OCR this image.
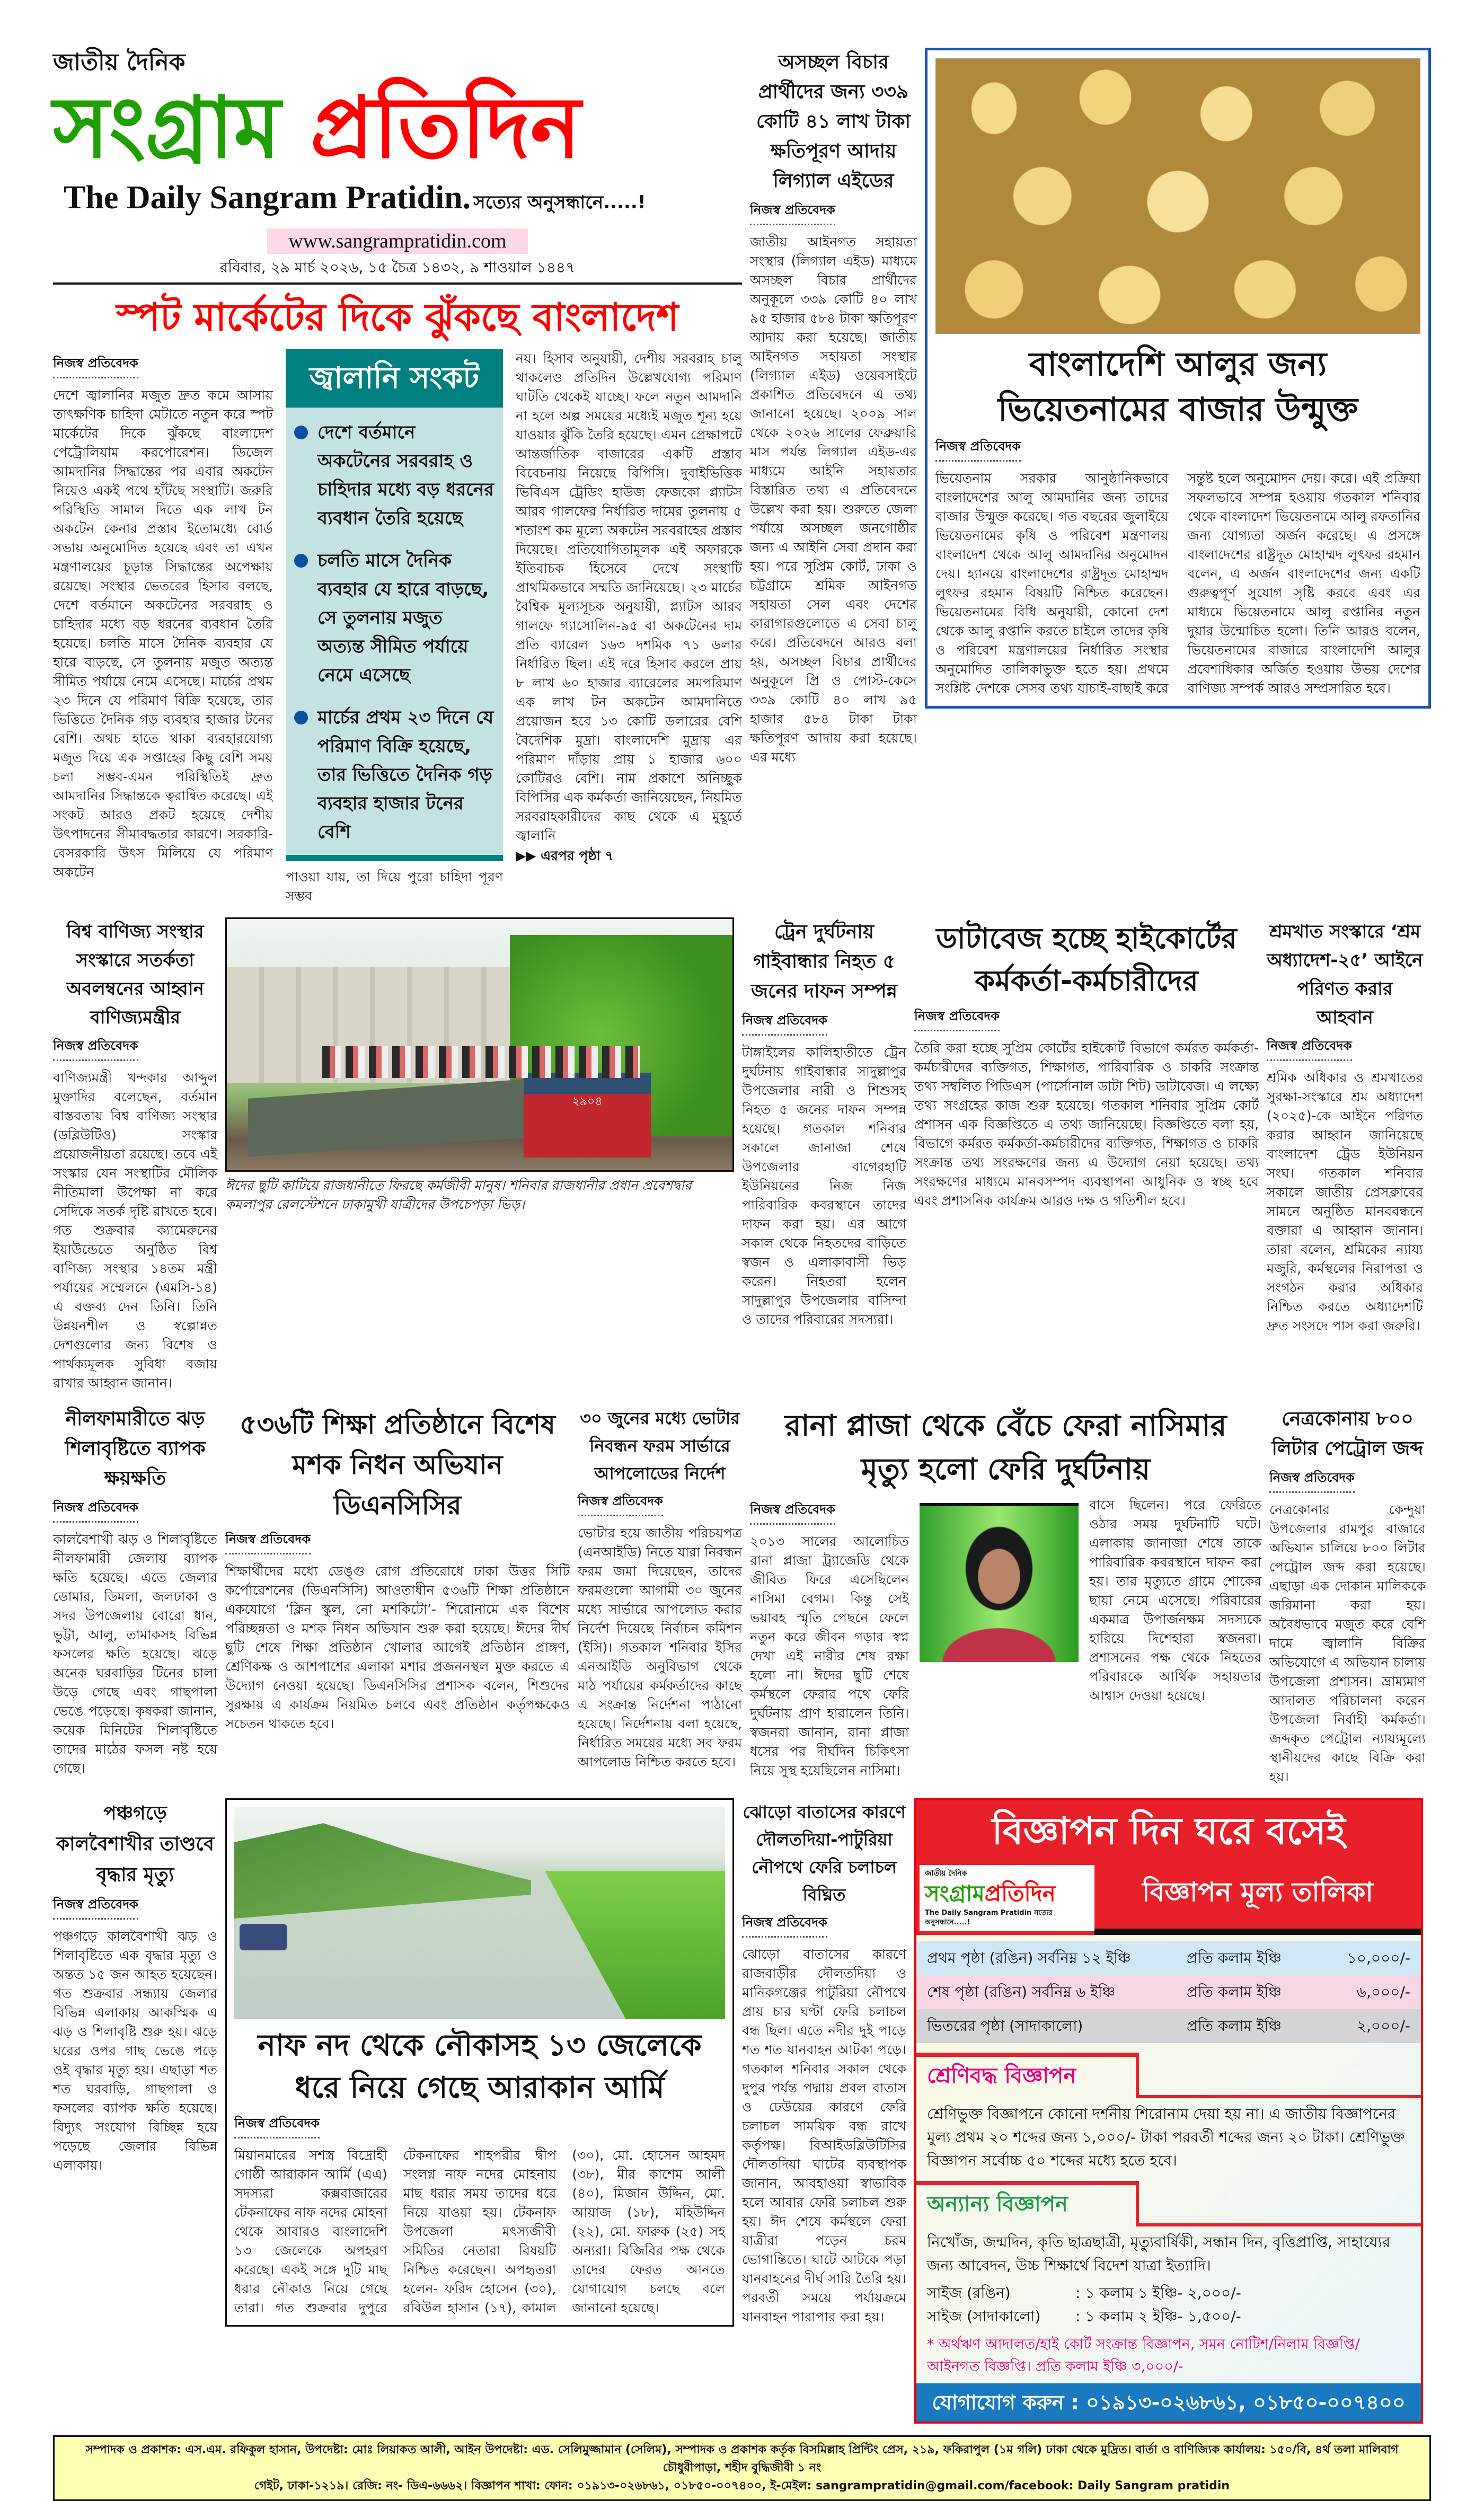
জাতীয় দৈনিক
সংগ্রাম প্রতিদিন
The Daily Sangram Pratidin. সত্যের অনুসন্ধানে.....!
www.sangrampratidin.com
রবিবার, ২৯ মার্চ ২০২৬, ১৫ চৈত্র ১৪৩২, ৯ শাওয়াল ১৪৪৭
স্পট মার্কেটের দিকে ঝুঁকছে বাংলাদেশ
নিজস্ব প্রতিবেদক
দেশে জ্বালানির মজুত দ্রুত কমে আসায় তাৎক্ষণিক চাহিদা মেটাতে নতুন করে স্পট মার্কেটের দিকে ঝুঁকছে বাংলাদেশ পেট্রোলিয়াম করপোরেশন। ডিজেল আমদানির সিদ্ধান্তের পর এবার অকটেন নিয়েও একই পথে হাঁটছে সংস্থাটি। জরুরি পরিস্থিতি সামাল দিতে এক লাখ টন অকটেন কেনার প্রস্তাব ইতোমধ্যে বোর্ড সভায় অনুমোদিত হয়েছে এবং তা এখন মন্ত্রণালয়ের চূড়ান্ত সিদ্ধান্তের অপেক্ষায় রয়েছে। সংস্থার ভেতরের হিসাব বলছে, দেশে বর্তমানে অকটেনের সরবরাহ ও চাহিদার মধ্যে বড় ধরনের ব্যবধান তৈরি হয়েছে। চলতি মাসে দৈনিক ব্যবহার যে হারে বাড়ছে, সে তুলনায় মজুত অত্যন্ত সীমিত পর্যায়ে নেমে এসেছে। মার্চের প্রথম ২৩ দিনে যে পরিমাণ বিক্রি হয়েছে, তার ভিত্তিতে দৈনিক গড় ব্যবহার হাজার টনের বেশি। অথচ হাতে থাকা ব্যবহারযোগ্য মজুত দিয়ে এক সপ্তাহের কিছু বেশি সময় চলা সম্ভব-এমন পরিস্থিতিই দ্রুত আমদানির সিদ্ধান্তকে ত্বরান্বিত করেছে। এই সংকট আরও প্রকট হয়েছে দেশীয় উৎপাদনের সীমাবদ্ধতার কারণে। সরকারি-বেসরকারি উৎস মিলিয়ে যে পরিমাণ অকটেন
জ্বালানি সংকট
দেশে বর্তমানে অকটেনের সরবরাহ ও চাহিদার মধ্যে বড় ধরনের ব্যবধান তৈরি হয়েছে
চলতি মাসে দৈনিক ব্যবহার যে হারে বাড়ছে, সে তুলনায় মজুত অত্যন্ত সীমিত পর্যায়ে নেমে এসেছে
মার্চের প্রথম ২৩ দিনে যে পরিমাণ বিক্রি হয়েছে, তার ভিত্তিতে দৈনিক গড় ব্যবহার হাজার টনের বেশি
পাওয়া যায়, তা দিয়ে পুরো চাহিদা পূরণ সম্ভব
নয়। হিসাব অনুযায়ী, দেশীয় সরবরাহ চালু থাকলেও প্রতিদিন উল্লেখযোগ্য পরিমাণ ঘাটতি থেকেই যাচ্ছে। ফলে নতুন আমদানি না হলে অল্প সময়ের মধ্যেই মজুত শূন্য হয়ে যাওয়ার ঝুঁকি তৈরি হয়েছে। এমন প্রেক্ষাপটে আন্তর্জাতিক বাজারের একটি প্রস্তাব বিবেচনায় নিয়েছে বিপিসি। দুবাইভিত্তিক ভিবিএস ট্রেডিং হাউজ ফেজকো প্ল্যাটস আরব গালফের নির্ধারিত দামের তুলনায় ৫ শতাংশ কম মূল্যে অকটেন সরবরাহের প্রস্তাব দিয়েছে। প্রতিযোগিতামূলক এই অফারকে ইতিবাচক হিসেবে দেখে সংস্থাটি প্রাথমিকভাবে সম্মতি জানিয়েছে। ২৩ মার্চের বৈশ্বিক মূল্যসূচক অনুযায়ী, প্ল্যাটস আরব গালফে গ্যাসোলিন-৯৫ বা অকটেনের দাম প্রতি ব্যারেল ১৬৩ দশমিক ৭১ ডলার নির্ধারিত ছিল। এই দরে হিসাব করলে প্রায় ৮ লাখ ৬০ হাজার ব্যারেলের সমপরিমাণ এক লাখ টন অকটেন আমদানিতে প্রয়োজন হবে ১৩ কোটি ডলারের বেশি বৈদেশিক মুদ্রা। বাংলাদেশি মুদ্রায় এর পরিমাণ দাঁড়ায় প্রায় ১ হাজার ৬০০ কোটিরও বেশি। নাম প্রকাশে অনিচ্ছুক বিপিসির এক কর্মকর্তা জানিয়েছেন, নিয়মিত সরবরাহকারীদের কাছ থেকে এ মুহূর্তে জ্বালানি
▶▶ এরপর পৃষ্ঠা ৭
অসচ্ছল বিচার প্রার্থীদের জন্য ৩৩৯ কোটি ৪১ লাখ টাকা ক্ষতিপূরণ আদায় লিগ্যাল এইডের
নিজস্ব প্রতিবেদক
জাতীয় আইনগত সহায়তা সংস্থার (লিগ্যাল এইড) মাধ্যমে অসচ্ছল বিচার প্রার্থীদের অনুকূলে ৩৩৯ কোটি ৪০ লাখ ৯৫ হাজার ৫৮৪ টাকা ক্ষতিপূরণ আদায় করা হয়েছে। জাতীয় আইনগত সহায়তা সংস্থার (লিগ্যাল এইড) ওয়েবসাইটে প্রকাশিত প্রতিবেদনে এ তথ্য জানানো হয়েছে। ২০০৯ সাল থেকে ২০২৬ সালের ফেব্রুয়ারি মাস পর্যন্ত লিগ্যাল এইড-এর মাধ্যমে আইনি সহায়তার বিস্তারিত তথ্য এ প্রতিবেদনে উল্লেখ করা হয়। শুরুতে জেলা পর্যায়ে অসচ্ছল জনগোষ্ঠীর জন্য এ আইনি সেবা প্রদান করা হয়। পরে সুপ্রিম কোর্ট, ঢাকা ও চট্টগ্রামে শ্রমিক আইনগত সহায়তা সেল এবং দেশের কারাগারগুলোতে এ সেবা চালু করে। প্রতিবেদনে আরও বলা হয়, অসচ্ছল বিচার প্রার্থীদের অনুকূলে প্রি ও পোস্ট-কেসে ৩৩৯ কোটি ৪০ লাখ ৯৫ হাজার ৫৮৪ টাকা টাকা ক্ষতিপূরণ আদায় করা হয়েছে। এর মধ্যে
বাংলাদেশি আলুর জন্য
ভিয়েতনামের বাজার উন্মুক্ত
নিজস্ব প্রতিবেদক
ভিয়েতনাম সরকার আনুষ্ঠানিকভাবে বাংলাদেশের আলু আমদানির জন্য তাদের বাজার উন্মুক্ত করেছে। গত বছরের জুলাইয়ে ভিয়েতনামের কৃষি ও পরিবেশ মন্ত্রণালয় বাংলাদেশ থেকে আলু আমদানির অনুমোদন দেয়। হ্যানয়ে বাংলাদেশের রাষ্ট্রদূত মোহাম্মদ লুৎফর রহমান বিষয়টি নিশ্চিত করেছেন। ভিয়েতনামের বিধি অনুযায়ী, কোনো দেশ থেকে আলু রপ্তানি করতে চাইলে তাদের কৃষি ও পরিবেশ মন্ত্রণালয়ের নির্ধারিত সংস্থার অনুমোদিত তালিকাভুক্ত হতে হয়। প্রথমে সংশ্লিষ্ট দেশকে সেসব তথ্য যাচাই-বাছাই করে সন্তুষ্ট হলে অনুমোদন দেয়। করে। এই প্রক্রিয়া সফলভাবে সম্পন্ন হওয়ায় গতকাল শনিবার থেকে বাংলাদেশ ভিয়েতনামে আলু রফতানির জন্য যোগ্যতা অর্জন করেছে। এ প্রসঙ্গে বাংলাদেশের রাষ্ট্রদূত মোহাম্মদ লুৎফর রহমান বলেন, এ অর্জন বাংলাদেশের জন্য একটি গুরুত্বপূর্ণ সুযোগ সৃষ্টি করবে এবং এর মাধ্যমে ভিয়েতনামে আলু রপ্তানির নতুন দুয়ার উন্মোচিত হলো। তিনি আরও বলেন, ভিয়েতনামের বাজারে বাংলাদেশি আলুর প্রবেশাধিকার অর্জিত হওয়ায় উভয় দেশের বাণিজ্য সম্পর্ক আরও সম্প্রসারিত হবে।
বিশ্ব বাণিজ্য সংস্থার সংস্কারে সতর্কতা অবলম্বনের আহ্বান বাণিজ্যমন্ত্রীর
নিজস্ব প্রতিবেদক
বাণিজ্যমন্ত্রী খন্দকার আব্দুল মুক্তাদির বলেছেন, বর্তমান বাস্তবতায় বিশ্ব বাণিজ্য সংস্থার (ডব্লিউটিও) সংস্কার প্রয়োজনীয়তা রয়েছে। তবে এই সংস্কার যেন সংস্থাটির মৌলিক নীতিমালা উপেক্ষা না করে সেদিকে সতর্ক দৃষ্টি রাখতে হবে। গত শুক্রবার ক্যামেরুনের ইয়াউন্ডেতে অনুষ্ঠিত বিশ্ব বাণিজ্য সংস্থার ১৪তম মন্ত্রী পর্যায়ের সম্মেলনে (এমসি-১৪) এ বক্তব্য দেন তিনি। তিনি উন্নয়নশীল ও স্বল্পোন্নত দেশগুলোর জন্য বিশেষ ও পার্থক্যমূলক সুবিধা বজায় রাখার আহ্বান জানান।
২৯০৪
ঈদের ছুটি কাটিয়ে রাজধানীতে ফিরছে কর্মজীবী মানুষ। শনিবার রাজধানীর প্রধান প্রবেশদ্বার কমলাপুর রেলস্টেশনে ঢাকামুখী যাত্রীদের উপচেপড়া ভিড়।
ট্রেন দুর্ঘটনায় গাইবান্ধার নিহত ৫ জনের দাফন সম্পন্ন
নিজস্ব প্রতিবেদক
টাঙ্গাইলের কালিহাতীতে ট্রেন দুর্ঘটনায় গাইবান্ধার সাদুল্লাপুর উপজেলার নারী ও শিশুসহ নিহত ৫ জনের দাফন সম্পন্ন হয়েছে। গতকাল শনিবার সকালে জানাজা শেষে উপজেলার বাগেরহাটি ইউনিয়নের নিজ নিজ পারিবারিক কবরস্থানে তাদের দাফন করা হয়। এর আগে সকাল থেকে নিহতদের বাড়িতে স্বজন ও এলাকাবাসী ভিড় করেন। নিহতরা হলেন সাদুল্লাপুর উপজেলার বাসিন্দা ও তাদের পরিবারের সদস্যরা।
ডাটাবেজ হচ্ছে হাইকোর্টের কর্মকর্তা-কর্মচারীদের
নিজস্ব প্রতিবেদক
তৈরি করা হচ্ছে সুপ্রিম কোর্টের হাইকোর্ট বিভাগে কর্মরত কর্মকর্তা-কর্মচারীদের ব্যক্তিগত, শিক্ষাগত, পারিবারিক ও চাকরি সংক্রান্ত তথ্য সম্বলিত পিডিএস (পার্সোনাল ডাটা শিট) ডাটাবেজ। এ লক্ষ্যে তথ্য সংগ্রহের কাজ শুরু হয়েছে। গতকাল শনিবার সুপ্রিম কোর্ট প্রশাসন এক বিজ্ঞপ্তিতে এ তথ্য জানিয়েছে। বিজ্ঞপ্তিতে বলা হয়, বিভাগে কর্মরত কর্মকর্তা-কর্মচারীদের ব্যক্তিগত, শিক্ষাগত ও চাকরি সংক্রান্ত তথ্য সংরক্ষণের জন্য এ উদ্যোগ নেয়া হয়েছে। তথ্য সংরক্ষণের মাধ্যমে মানবসম্পদ ব্যবস্থাপনা আধুনিক ও স্বচ্ছ হবে এবং প্রশাসনিক কার্যক্রম আরও দক্ষ ও গতিশীল হবে।
শ্রমখাত সংস্কারে ‘শ্রম অধ্যাদেশ-২৫’ আইনে পরিণত করার আহবান
নিজস্ব প্রতিবেদক
শ্রমিক অধিকার ও শ্রমখাতের সুরক্ষা-সংস্কারে শ্রম অধ্যাদেশ (২০২৫)-কে আইনে পরিণত করার আহ্বান জানিয়েছে বাংলাদেশ ট্রেড ইউনিয়ন সংঘ। গতকাল শনিবার সকালে জাতীয় প্রেসক্লাবের সামনে অনুষ্ঠিত মানববন্ধনে বক্তারা এ আহ্বান জানান। তারা বলেন, শ্রমিকের ন্যায্য মজুরি, কর্মস্থলের নিরাপত্তা ও সংগঠন করার অধিকার নিশ্চিত করতে অধ্যাদেশটি দ্রুত সংসদে পাস করা জরুরি।
নীলফামারীতে ঝড় শিলাবৃষ্টিতে ব্যাপক ক্ষয়ক্ষতি
নিজস্ব প্রতিবেদক
কালবৈশাখী ঝড় ও শিলাবৃষ্টিতে নীলফামারী জেলায় ব্যাপক ক্ষতি হয়েছে। এতে জেলার ডোমার, ডিমলা, জলঢাকা ও সদর উপজেলায় বোরো ধান, ভুট্টা, আলু, তামাকসহ বিভিন্ন ফসলের ক্ষতি হয়েছে। ঝড়ে অনেক ঘরবাড়ির টিনের চালা উড়ে গেছে এবং গাছপালা ভেঙে পড়েছে। কৃষকরা জানান, কয়েক মিনিটের শিলাবৃষ্টিতে তাদের মাঠের ফসল নষ্ট হয়ে গেছে।
৫৩৬টি শিক্ষা প্রতিষ্ঠানে বিশেষ মশক নিধন অভিযান ডিএনসিসির
নিজস্ব প্রতিবেদক
শিক্ষার্থীদের মধ্যে ডেঙ্গু রোগ প্রতিরোধে ঢাকা উত্তর সিটি কর্পোরেশনের (ডিএনসিসি) আওতাধীন ৫৩৬টি শিক্ষা প্রতিষ্ঠানে একযোগে ‘ক্লিন স্কুল, নো মশকিটো’- শিরোনামে এক বিশেষ পরিচ্ছন্নতা ও মশক নিধন অভিযান শুরু করা হয়েছে। ঈদের দীর্ঘ ছুটি শেষে শিক্ষা প্রতিষ্ঠান খোলার আগেই প্রতিষ্ঠান প্রাঙ্গণ, শ্রেণিকক্ষ ও আশপাশের এলাকা মশার প্রজননস্থল মুক্ত করতে এ উদ্যোগ নেওয়া হয়েছে। ডিএনসিসির প্রশাসক বলেন, শিশুদের সুরক্ষায় এ কার্যক্রম নিয়মিত চলবে এবং প্রতিষ্ঠান কর্তৃপক্ষকেও সচেতন থাকতে হবে।
৩০ জুনের মধ্যে ভোটার নিবন্ধন ফরম সার্ভারে আপলোডের নির্দেশ
নিজস্ব প্রতিবেদক
ভোটার হয়ে জাতীয় পরিচয়পত্র (এনআইডি) নিতে যারা নিবন্ধন ফরম জমা দিয়েছেন, তাদের ফরমগুলো আগামী ৩০ জুনের মধ্যে সার্ভারে আপলোড করার নির্দেশ দিয়েছে নির্বাচন কমিশন (ইসি)। গতকাল শনিবার ইসির এনআইডি অনুবিভাগ থেকে মাঠ পর্যায়ের কর্মকর্তাদের কাছে এ সংক্রান্ত নির্দেশনা পাঠানো হয়েছে। নির্দেশনায় বলা হয়েছে, নির্ধারিত সময়ের মধ্যে সব ফরম আপলোড নিশ্চিত করতে হবে।
রানা প্লাজা থেকে বেঁচে ফেরা নাসিমার
মৃত্যু হলো ফেরি দুর্ঘটনায়
নিজস্ব প্রতিবেদক
২০১৩ সালের আলোচিত রানা প্লাজা ট্র্যাজেডি থেকে জীবিত ফিরে এসেছিলেন নাসিমা বেগম। কিন্তু সেই ভয়াবহ স্মৃতি পেছনে ফেলে নতুন করে জীবন গড়ার স্বপ্ন দেখা এই নারীর শেষ রক্ষা হলো না। ঈদের ছুটি শেষে কর্মস্থলে ফেরার পথে ফেরি দুর্ঘটনায় প্রাণ হারালেন তিনি। স্বজনরা জানান, রানা প্লাজা ধসের পর দীর্ঘদিন চিকিৎসা নিয়ে সুস্থ হয়েছিলেন নাসিমা।
বাসে ছিলেন। পরে ফেরিতে ওঠার সময় দুর্ঘটনাটি ঘটে। এলাকায় জানাজা শেষে তাকে পারিবারিক কবরস্থানে দাফন করা হয়। তার মৃত্যুতে গ্রামে শোকের ছায়া নেমে এসেছে। পরিবারের একমাত্র উপার্জনক্ষম সদস্যকে হারিয়ে দিশেহারা স্বজনরা। প্রশাসনের পক্ষ থেকে নিহতের পরিবারকে আর্থিক সহায়তার আশ্বাস দেওয়া হয়েছে।
নেত্রকোনায় ৮০০ লিটার পেট্রোল জব্দ
নিজস্ব প্রতিবেদক
নেত্রকোনার কেন্দুয়া উপজেলার রামপুর বাজারে অভিযান চালিয়ে ৮০০ লিটার পেট্রোল জব্দ করা হয়েছে। এছাড়া এক দোকান মালিককে জরিমানা করা হয়। অবৈধভাবে মজুত করে বেশি দামে জ্বালানি বিক্রির অভিযোগে এ অভিযান চালায় উপজেলা প্রশাসন। ভ্রাম্যমাণ আদালত পরিচালনা করেন উপজেলা নির্বাহী কর্মকর্তা। জব্দকৃত পেট্রোল ন্যায্যমূল্যে স্থানীয়দের কাছে বিক্রি করা হয়।
পঞ্চগড়ে কালবৈশাখীর তাণ্ডবে বৃদ্ধার মৃত্যু
নিজস্ব প্রতিবেদক
পঞ্চগড়ে কালবৈশাখী ঝড় ও শিলাবৃষ্টিতে এক বৃদ্ধার মৃত্যু ও অন্তত ১৫ জন আহত হয়েছেন। গত শুক্রবার সন্ধ্যায় জেলার বিভিন্ন এলাকায় আকস্মিক এ ঝড় ও শিলাবৃষ্টি শুরু হয়। ঝড়ে ঘরের ওপর গাছ ভেঙে পড়ে ওই বৃদ্ধার মৃত্যু হয়। এছাড়া শত শত ঘরবাড়ি, গাছপালা ও ফসলের ব্যাপক ক্ষতি হয়েছে। বিদ্যুৎ সংযোগ বিচ্ছিন্ন হয়ে পড়েছে জেলার বিভিন্ন এলাকায়।
নাফ নদ থেকে নৌকাসহ ১৩ জেলেকে
ধরে নিয়ে গেছে আরাকান আর্মি
নিজস্ব প্রতিবেদক
মিয়ানমারের সশস্ত্র বিদ্রোহী গোষ্ঠী আরাকান আর্মি (এএ) সদস্যরা কক্সবাজারের টেকনাফের নাফ নদের মোহনা থেকে আবারও বাংলাদেশি ১৩ জেলেকে অপহরণ করেছে। একই সঙ্গে দুটি মাছ ধরার নৌকাও নিয়ে গেছে তারা। গত শুক্রবার দুপুরে টেকনাফের শাহপরীর দ্বীপ সংলগ্ন নাফ নদের মোহনায় মাছ ধরার সময় তাদের ধরে নিয়ে যাওয়া হয়। টেকনাফ উপজেলা মৎস্যজীবী সমিতির নেতারা বিষয়টি নিশ্চিত করেছেন। অপহৃতরা হলেন- ফরিদ হোসেন (৩০), রবিউল হাসান (১৭), কামাল (৩০), মো. হোসেন আহমদ (৩৮), মীর কাশেম আলী (৪০), মিজান উদ্দিন, মো. আয়াজ (১৮), মহিউদ্দিন (২২), মো. ফারুক (২৫) সহ অন্যরা। বিজিবির পক্ষ থেকে তাদের ফেরত আনতে যোগাযোগ চলছে বলে জানানো হয়েছে।
ঝোড়ো বাতাসের কারণে দৌলতদিয়া-পাটুরিয়া নৌপথে ফেরি চলাচল বিঘ্নিত
নিজস্ব প্রতিবেদক
ঝোড়ো বাতাসের কারণে রাজবাড়ীর দৌলতদিয়া ও মানিকগঞ্জের পাটুরিয়া নৌপথে প্রায় চার ঘণ্টা ফেরি চলাচল বন্ধ ছিল। এতে নদীর দুই পাড়ে শত শত যানবাহন আটকা পড়ে। গতকাল শনিবার সকাল থেকে দুপুর পর্যন্ত পদ্মায় প্রবল বাতাস ও ঢেউয়ের কারণে ফেরি চলাচল সাময়িক বন্ধ রাখে কর্তৃপক্ষ। বিআইডব্লিউটিসির দৌলতদিয়া ঘাটের ব্যবস্থাপক জানান, আবহাওয়া স্বাভাবিক হলে আবার ফেরি চলাচল শুরু হয়। ঈদ শেষে কর্মস্থলে ফেরা যাত্রীরা পড়েন চরম ভোগান্তিতে। ঘাটে আটকে পড়া যানবাহনের দীর্ঘ সারি তৈরি হয়। পরবর্তী সময়ে পর্যায়ক্রমে যানবাহন পারাপার করা হয়।
বিজ্ঞাপন দিন ঘরে বসেই
জাতীয় দৈনিক
সংগ্রামপ্রতিদিন
The Daily Sangram Pratidin সত্যের অনুসন্ধানে.....!
বিজ্ঞাপন মূল্য তালিকা
প্রথম পৃষ্ঠা (রঙিন) সর্বনিম্ন ১২ ইঞ্চি	প্রতি কলাম ইঞ্চি	১০,০০০/-
শেষ পৃষ্ঠা (রঙিন) সর্বনিম্ন ৬ ইঞ্চি	প্রতি কলাম ইঞ্চি	৬,০০০/-
ভিতরের পৃষ্ঠা (সাদাকালো)	প্রতি কলাম ইঞ্চি	২,০০০/-
শ্রেণিবদ্ধ বিজ্ঞাপন
শ্রেণিভুক্ত বিজ্ঞাপনে কোনো দর্শনীয় শিরোনাম দেয়া হয় না। এ জাতীয় বিজ্ঞাপনের মুল্য প্রথম ২০ শব্দের জন্য ১,০০০/- টাকা পরবর্তী শব্দের জন্য ২০ টাকা। শ্রেণিভুক্ত বিজ্ঞাপন সর্বোচ্চ ৫০ শব্দের মধ্যে হতে হবে।
অন্যান্য বিজ্ঞাপন
নিখোঁজ, জন্মদিন, কৃতি ছাত্রছাত্রী, মৃত্যুবার্ষিকী, সন্ধান দিন, বৃত্তিপ্রাপ্তি, সাহায্যের জন্য আবেদন, উচ্চ শিক্ষার্থে বিদেশ যাত্রা ইত্যাদি।
সাইজ (রঙিন)	: ১ কলাম ১ ইঞ্চি- ২,০০০/-
সাইজ (সাদাকালো)	: ১ কলাম ২ ইঞ্চি- ১,৫০০/-
* অর্থঋণ আদালত/হাই কোর্ট সংক্রান্ত বিজ্ঞাপন, সমন নোটিশ/নিলাম বিজ্ঞপ্তি/আইনগত বিজ্ঞপ্তি। প্রতি কলাম ইঞ্চি ৩,০০০/-
যোগাযোগ করুন : ০১৯১৩-০২৬৮৬১, ০১৮৫০-০০৭৪০০
সম্পাদক ও প্রকাশক: এস.এম. রফিকুল হাসান, উপদেষ্টা: মোঃ লিয়াকত আলী, আইন উপদেষ্টা: এড. সেলিমুজ্জামান (সেলিম), সম্পাদক ও প্রকাশক কর্তৃক বিসমিল্লাহ প্রিন্টিং প্রেস, ২১৯, ফকিরাপুল (১ম গলি) ঢাকা থেকে মুদ্রিত। বার্তা ও বাণিজ্যিক কার্যালয়: ১৫০/বি, ৪র্থ তলা মালিবাগ চৌধুরীপাড়া, শহীদ বুদ্ধিজীবী ১ নং
গেইট, ঢাকা-১২১৯। রেজি: নং- ডিএ-৬৬৬২। বিজ্ঞাপন শাখা: ফোন: ০১৯১৩-০২৬৮৬১, ০১৮৫০-০০৭৪০০, ই-মেইল: sangrampratidin@gmail.com/facebook: Daily Sangram pratidin
